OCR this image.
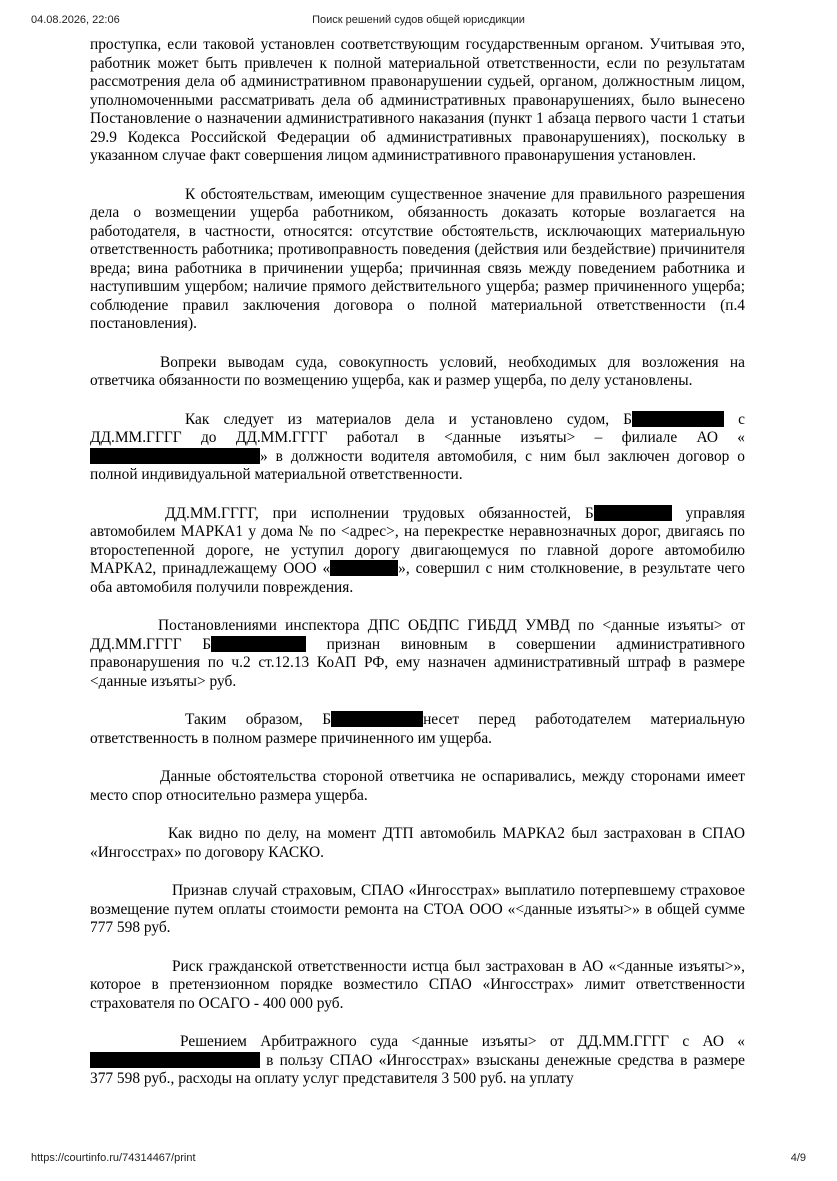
04.08.2026, 22:06	Поиск решений судов общей юрисдикции

проступка, если таковой установлен соответствующим государственным органом. Учитывая это, работник может быть привлечен к полной материальной ответственности, если по результатам рассмотрения дела об административном правонарушении судьей, органом, должностным лицом, уполномоченными рассматривать дела об административных правонарушениях, было вынесено Постановление о назначении административного наказания (пункт 1 абзаца первого части 1 статьи 29.9 Кодекса Российской Федерации об административных правонарушениях), поскольку в указанном случае факт совершения лицом административного правонарушения установлен.

К обстоятельствам, имеющим существенное значение для правильного разрешения дела о возмещении ущерба работником, обязанность доказать которые возлагается на работодателя, в частности, относятся: отсутствие обстоятельств, исключающих материальную ответственность работника; противоправность поведения (действия или бездействие) причинителя вреда; вина работника в причинении ущерба; причинная связь между поведением работника и наступившим ущербом; наличие прямого действительного ущерба; размер причиненного ущерба; соблюдение правил заключения договора о полной материальной ответственности (п.4 постановления).

Вопреки выводам суда, совокупность условий, необходимых для возложения на ответчика обязанности по возмещению ущерба, как и размер ущерба, по делу установлены.

Как следует из материалов дела и установлено судом, Б	с ДД.ММ.ГГГГ до ДД.ММ.ГГГГ работал в <данные изъяты> – филиале АО «» в должности водителя автомобиля, с ним был заключен договор о полной индивидуальной материальной ответственности.

ДД.ММ.ГГГГ, при исполнении трудовых обязанностей, Б	управляя автомобилем МАРКА1 у дома № по <адрес>, на перекрестке неравнозначных дорог, двигаясь по второстепенной дороге, не уступил дорогу двигающемуся по главной дороге автомобилю МАРКА2, принадлежащему ООО «	», совершил с ним столкновение, в результате чего оба автомобиля получили повреждения.

Постановлениями инспектора ДПС ОБДПС ГИБДД УМВД по <данные изъяты> от ДД.ММ.ГГГГ Б	признан виновным в совершении административного правонарушения по ч.2 ст.12.13 КоАП РФ, ему назначен административный штраф в размере <данные изъяты> руб.

Таким образом, Б	несет перед работодателем материальную ответственность в полном размере причиненного им ущерба.

Данные обстоятельства стороной ответчика не оспаривались, между сторонами имеет место спор относительно размера ущерба.

Как видно по делу, на момент ДТП автомобиль МАРКА2 был застрахован в СПАО «Ингосстрах» по договору КАСКО.

Признав случай страховым, СПАО «Ингосстрах» выплатило потерпевшему страховое возмещение путем оплаты стоимости ремонта на СТОА ООО «<данные изъяты>» в общей сумме 777 598 руб.

Риск гражданской ответственности истца был застрахован в АО «<данные изъяты>», которое в претензионном порядке возместило СПАО «Ингосстрах» лимит ответственности страхователя по ОСАГО - 400 000 руб.

Решением Арбитражного суда <данные изъяты> от ДД.ММ.ГГГГ с АО « в пользу СПАО «Ингосстрах» взысканы денежные средства в размере 377 598 руб., расходы на оплату услуг представителя 3 500 руб. на уплату

https://courtinfo.ru/74314467/print	4/9
